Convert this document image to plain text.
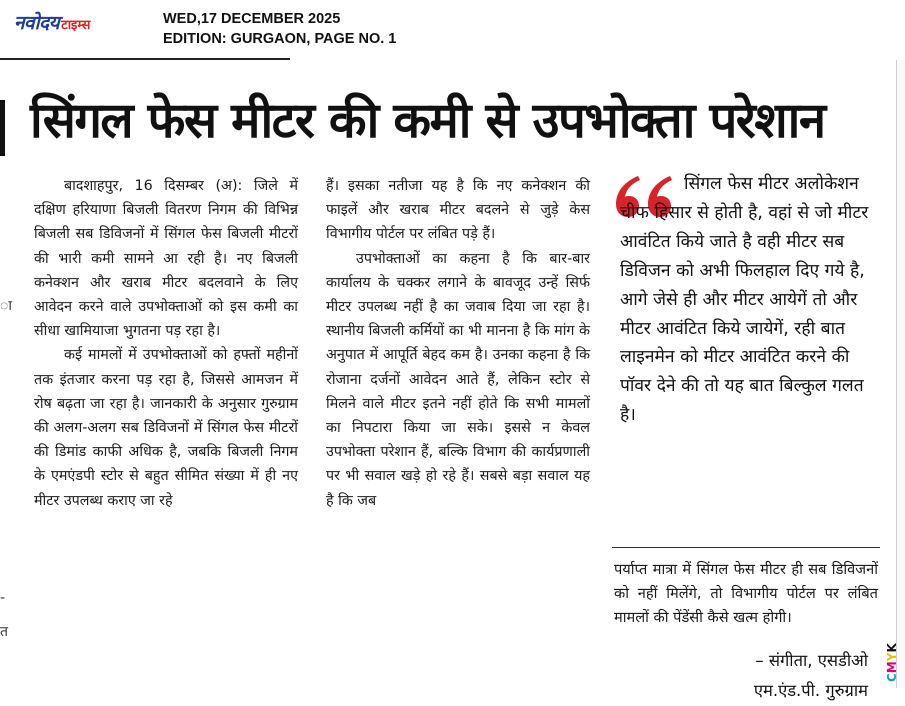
नवोदय टाइम्स	WED,17 DECEMBER 2025
EDITION: GURGAON, PAGE NO. 1
ा
-
त
सिंगल फेस मीटर की कमी से उपभोक्ता परेशान

बादशाहपुर, 16 दिसम्बर (अ): जिले में दक्षिण हरियाणा बिजली वितरण निगम की विभिन्न बिजली सब डिविजनों में सिंगल फेस बिजली मीटरों की भारी कमी सामने आ रही है। नए बिजली कनेक्शन और खराब मीटर बदलवाने के लिए आवेदन करने वाले उपभोक्ताओं को इस कमी का सीधा खामियाजा भुगतना पड़ रहा है।

कई मामलों में उपभोक्ताओं को हफ्तों महीनों तक इंतजार करना पड़ रहा है, जिससे आमजन में रोष बढ़ता जा रहा है। जानकारी के अनुसार गुरुग्राम की अलग-अलग सब डिविजनों में सिंगल फेस मीटरों की डिमांड काफी अधिक है, जबकि बिजली निगम के एमएंडपी स्टोर से बहुत सीमित संख्या में ही नए मीटर उपलब्ध कराए जा रहे

हैं। इसका नतीजा यह है कि नए कनेक्शन की फाइलें और खराब मीटर बदलने से जुड़े केस विभागीय पोर्टल पर लंबित पड़े हैं।

उपभोक्ताओं का कहना है कि बार-बार कार्यालय के चक्कर लगाने के बावजूद उन्हें सिर्फ मीटर उपलब्ध नहीं है का जवाब दिया जा रहा है। स्थानीय बिजली कर्मियों का भी मानना है कि मांग के अनुपात में आपूर्ति बेहद कम है। उनका कहना है कि रोजाना दर्जनों आवेदन आते हैं, लेकिन स्टोर से मिलने वाले मीटर इतने नहीं होते कि सभी मामलों का निपटारा किया जा सके। इससे न केवल उपभोक्ता परेशान हैं, बल्कि विभाग की कार्यप्रणाली पर भी सवाल खड़े हो रहे हैं। सबसे बड़ा सवाल यह है कि जब

सिंगल फेस मीटर अलोकेशन चीफ हिसार से होती है, वहां से जो मीटर आवंटित किये जाते है वही मीटर सब डिविजन को अभी फिलहाल दिए गये है, आगे जेसे ही और मीटर आयेगें तो और मीटर आवंटित किये जायेगें, रही बात लाइनमेन को मीटर आवंटित करने की पॉवर देने की तो यह बात बिल्कुल गलत है।
– संगीता, एसडीओ
एम.एंड.पी. गुरुग्राम

पर्याप्त मात्रा में सिंगल फेस मीटर ही सब डिविजनों को नहीं मिलेंगे, तो विभागीय पोर्टल पर लंबित मामलों की पेंडेंसी कैसे खत्म होगी।

CMYK
